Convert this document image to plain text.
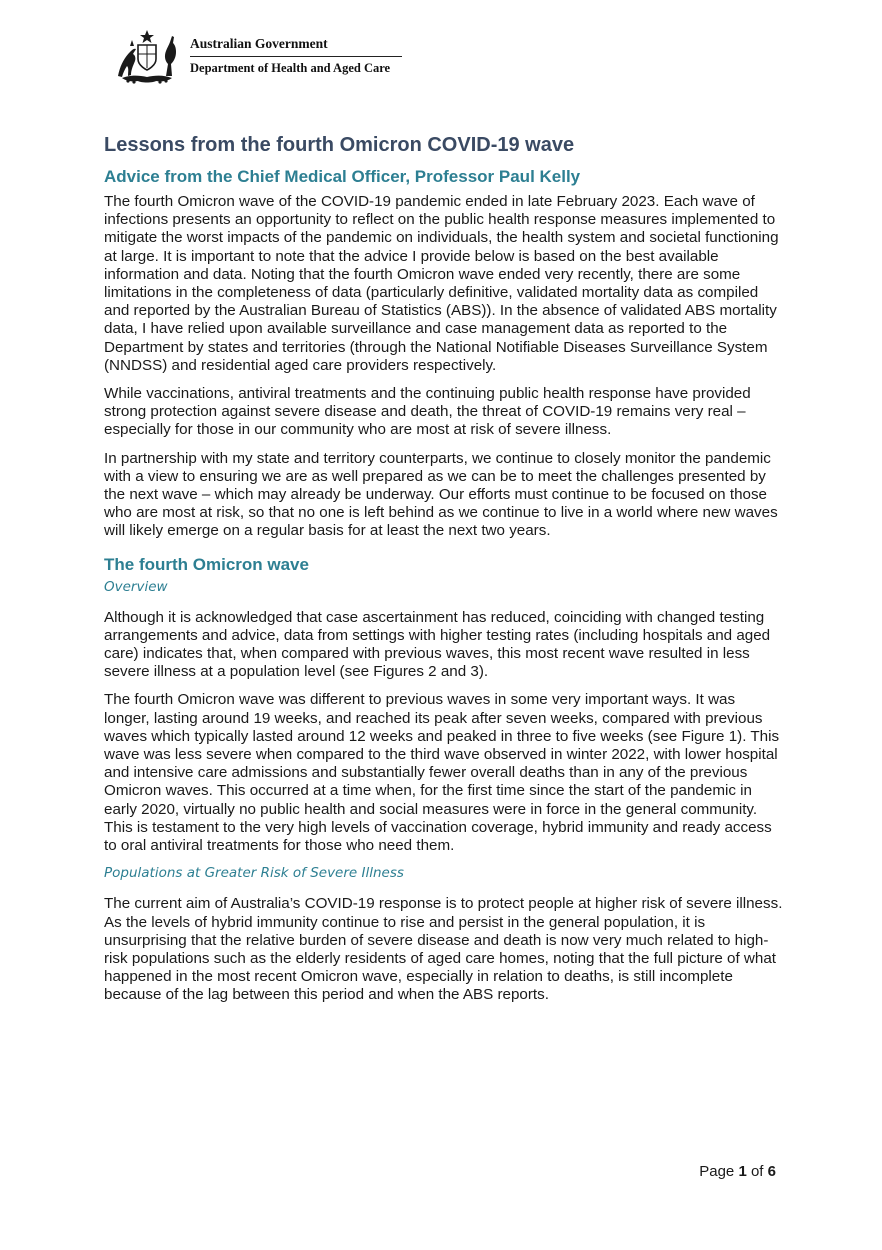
Australian Government
Department of Health and Aged Care
Lessons from the fourth Omicron COVID-19 wave
Advice from the Chief Medical Officer, Professor Paul Kelly

The fourth Omicron wave of the COVID-19 pandemic ended in late February 2023. Each wave of infections presents an opportunity to reflect on the public health response measures implemented to mitigate the worst impacts of the pandemic on individuals, the health system and societal functioning at large. It is important to note that the advice I provide below is based on the best available information and data. Noting that the fourth Omicron wave ended very recently, there are some limitations in the completeness of data (particularly definitive, validated mortality data as compiled and reported by the Australian Bureau of Statistics (ABS)). In the absence of validated ABS mortality data, I have relied upon available surveillance and case management data as reported to the Department by states and territories (through the National Notifiable Diseases Surveillance System (NNDSS) and residential aged care providers respectively.

While vaccinations, antiviral treatments and the continuing public health response have provided strong protection against severe disease and death, the threat of COVID-19 remains very real – especially for those in our community who are most at risk of severe illness.

In partnership with my state and territory counterparts, we continue to closely monitor the pandemic with a view to ensuring we are as well prepared as we can be to meet the challenges presented by the next wave – which may already be underway. Our efforts must continue to be focused on those who are most at risk, so that no one is left behind as we continue to live in a world where new waves will likely emerge on a regular basis for at least the next two years.

The fourth Omicron wave
Overview

Although it is acknowledged that case ascertainment has reduced, coinciding with changed testing arrangements and advice, data from settings with higher testing rates (including hospitals and aged care) indicates that, when compared with previous waves, this most recent wave resulted in less severe illness at a population level (see Figures 2 and 3).

The fourth Omicron wave was different to previous waves in some very important ways. It was longer, lasting around 19 weeks, and reached its peak after seven weeks, compared with previous waves which typically lasted around 12 weeks and peaked in three to five weeks (see Figure 1). This wave was less severe when compared to the third wave observed in winter 2022, with lower hospital and intensive care admissions and substantially fewer overall deaths than in any of the previous Omicron waves. This occurred at a time when, for the first time since the start of the pandemic in early 2020, virtually no public health and social measures were in force in the general community. This is testament to the very high levels of vaccination coverage, hybrid immunity and ready access to oral antiviral treatments for those who need them.

Populations at Greater Risk of Severe Illness

The current aim of Australia’s COVID-19 response is to protect people at higher risk of severe illness. As the levels of hybrid immunity continue to rise and persist in the general population, it is unsurprising that the relative burden of severe disease and death is now very much related to high-risk populations such as the elderly residents of aged care homes, noting that the full picture of what happened in the most recent Omicron wave, especially in relation to deaths, is still incomplete because of the lag between this period and when the ABS reports.

Page 1 of 6
